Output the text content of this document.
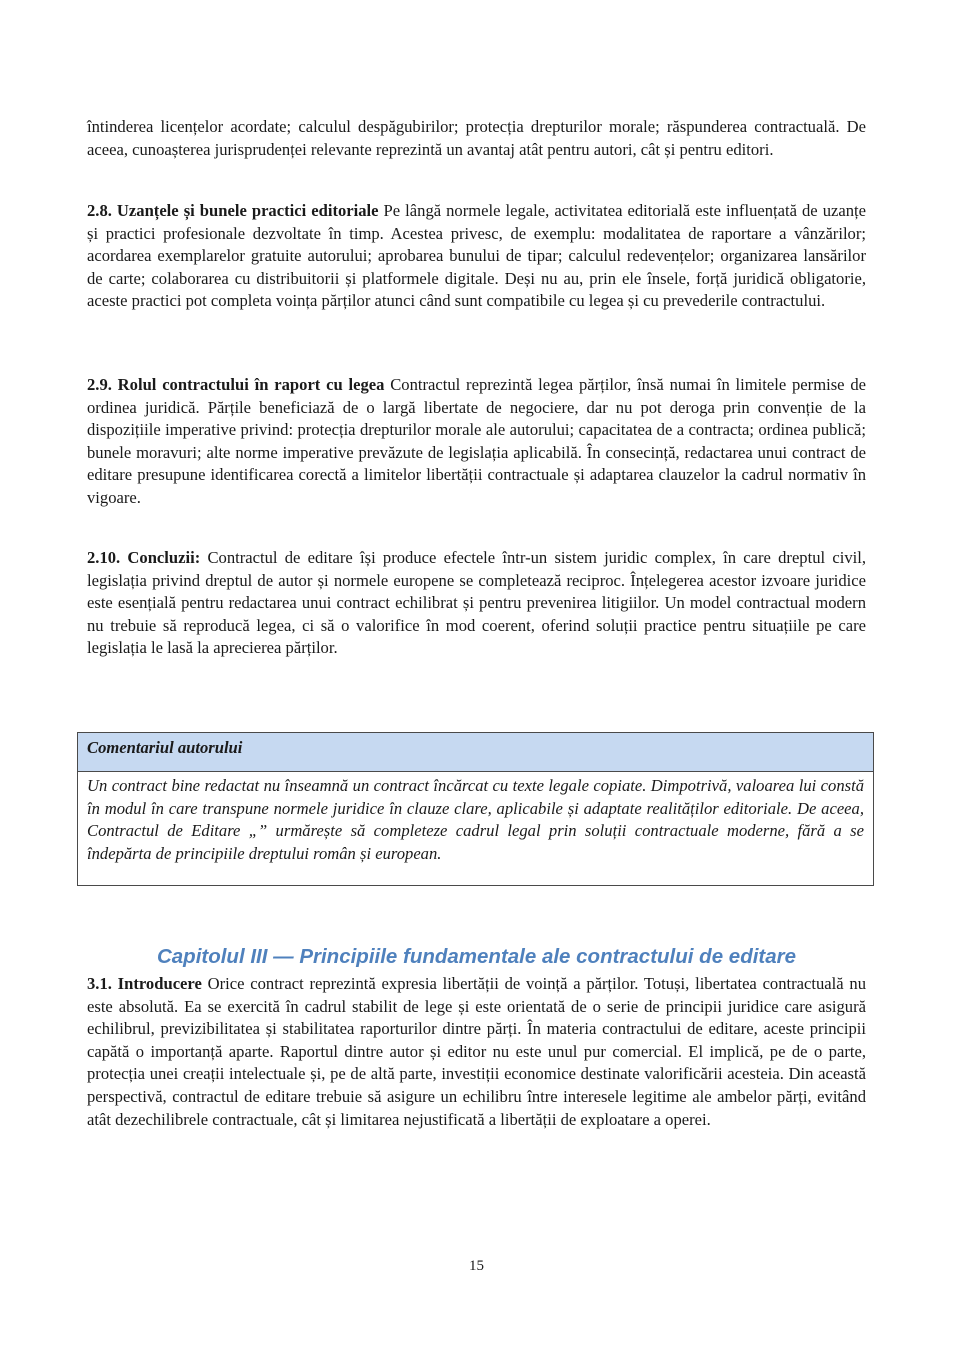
întinderea licențelor acordate; calculul despăgubirilor; protecția drepturilor morale; răspunderea contractuală. De aceea, cunoașterea jurisprudenței relevante reprezintă un avantaj atât pentru autori, cât și pentru editori.

2.8. Uzanțele și bunele practici editoriale Pe lângă normele legale, activitatea editorială este influențată de uzanțe și practici profesionale dezvoltate în timp. Acestea privesc, de exemplu: modalitatea de raportare a vânzărilor; acordarea exemplarelor gratuite autorului; aprobarea bunului de tipar; calculul redevențelor; organizarea lansărilor de carte; colaborarea cu distribuitorii și platformele digitale. Deși nu au, prin ele însele, forță juridică obligatorie, aceste practici pot completa voința părților atunci când sunt compatibile cu legea și cu prevederile contractului.

2.9. Rolul contractului în raport cu legea Contractul reprezintă legea părților, însă numai în limitele permise de ordinea juridică. Părțile beneficiază de o largă libertate de negociere, dar nu pot deroga prin convenție de la dispozițiile imperative privind: protecția drepturilor morale ale autorului; capacitatea de a contracta; ordinea publică; bunele moravuri; alte norme imperative prevăzute de legislația aplicabilă. În consecință, redactarea unui contract de editare presupune identificarea corectă a limitelor libertății contractuale și adaptarea clauzelor la cadrul normativ în vigoare.

2.10. Concluzii: Contractul de editare își produce efectele într-un sistem juridic complex, în care dreptul civil, legislația privind dreptul de autor și normele europene se completează reciproc. Înțelegerea acestor izvoare juridice este esențială pentru redactarea unui contract echilibrat și pentru prevenirea litigiilor. Un model contractual modern nu trebuie să reproducă legea, ci să o valorifice în mod coerent, oferind soluții practice pentru situațiile pe care legislația le lasă la aprecierea părților.

Comentariul autorului
Un contract bine redactat nu înseamnă un contract încărcat cu texte legale copiate. Dimpotrivă, valoarea lui constă în modul în care transpune normele juridice în clauze clare, aplicabile și adaptate realităților editoriale. De aceea, Contractul de Editare „” urmărește să completeze cadrul legal prin soluții contractuale moderne, fără a se îndepărta de principiile dreptului român și european.
Capitolul III — Principiile fundamentale ale contractului de editare

3.1. Introducere Orice contract reprezintă expresia libertății de voință a părților. Totuși, libertatea contractuală nu este absolută. Ea se exercită în cadrul stabilit de lege și este orientată de o serie de principii juridice care asigură echilibrul, previzibilitatea și stabilitatea raporturilor dintre părți. În materia contractului de editare, aceste principii capătă o importanță aparte. Raportul dintre autor și editor nu este unul pur comercial. El implică, pe de o parte, protecția unei creații intelectuale și, pe de altă parte, investiții economice destinate valorificării acesteia. Din această perspectivă, contractul de editare trebuie să asigure un echilibru între interesele legitime ale ambelor părți, evitând atât dezechilibrele contractuale, cât și limitarea nejustificată a libertății de exploatare a operei.

15
